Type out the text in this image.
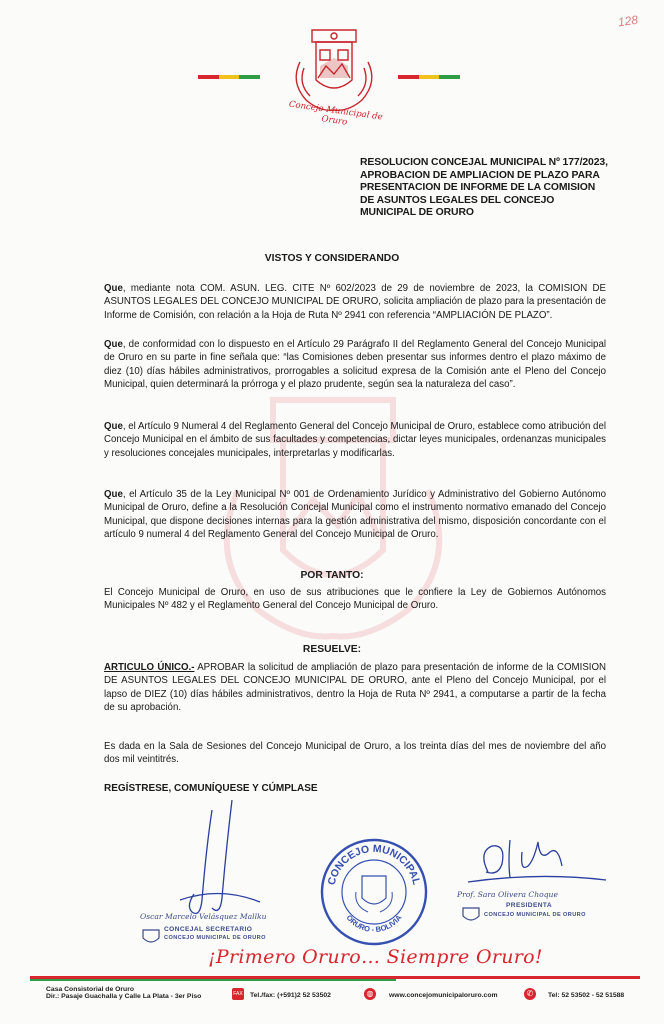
128
Concejo Municipal de Oruro
RESOLUCION CONCEJAL MUNICIPAL Nº 177/2023,
APROBACION DE AMPLIACION DE PLAZO PARA
PRESENTACION DE INFORME DE LA COMISION
DE ASUNTOS LEGALES DEL CONCEJO
MUNICIPAL DE ORURO
VISTOS Y CONSIDERANDO
Que, mediante nota COM. ASUN. LEG. CITE Nº 602/2023 de 29 de noviembre de 2023, la COMISION DE ASUNTOS LEGALES DEL CONCEJO MUNICIPAL DE ORURO, solicita ampliación de plazo para la presentación de Informe de Comisión, con relación a la Hoja de Ruta Nº 2941 con referencia “AMPLIACIÓN DE PLAZO”.
Que, de conformidad con lo dispuesto en el Artículo 29 Parágrafo II del Reglamento General del Concejo Municipal de Oruro en su parte in fine señala que: “las Comisiones deben presentar sus informes dentro el plazo máximo de diez (10) días hábiles administrativos, prorrogables a solicitud expresa de la Comisión ante el Pleno del Concejo Municipal, quien determinará la prórroga y el plazo prudente, según sea la naturaleza del caso”.
Que, el Artículo 9 Numeral 4 del Reglamento General del Concejo Municipal de Oruro, establece como atribución del Concejo Municipal en el ámbito de sus facultades y competencias, dictar leyes municipales, ordenanzas municipales y resoluciones concejales municipales, interpretarlas y modificarlas.
Que, el Artículo 35 de la Ley Municipal Nº 001 de Ordenamiento Jurídico y Administrativo del Gobierno Autónomo Municipal de Oruro, define a la Resolución Concejal Municipal como el instrumento normativo emanado del Concejo Municipal, que dispone decisiones internas para la gestión administrativa del mismo, disposición concordante con el artículo 9 numeral 4 del Reglamento General del Concejo Municipal de Oruro.
POR TANTO:
El Concejo Municipal de Oruro, en uso de sus atribuciones que le confiere la Ley de Gobiernos Autónomos Municipales Nº 482 y el Reglamento General del Concejo Municipal de Oruro.
RESUELVE:
ARTICULO ÚNICO.- APROBAR la solicitud de ampliación de plazo para presentación de informe de la COMISION DE ASUNTOS LEGALES DEL CONCEJO MUNICIPAL DE ORURO, ante el Pleno del Concejo Municipal, por el lapso de DIEZ (10) días hábiles administrativos, dentro la Hoja de Ruta Nº 2941, a computarse a partir de la fecha de su aprobación.
Es dada en la Sala de Sesiones del Concejo Municipal de Oruro, a los treinta días del mes de noviembre del año dos mil veintitrés.
REGÍSTRESE, COMUNÍQUESE Y CÚMPLASE
Oscar Marcelo Velásquez Mallku
CONCEJAL SECRETARIO
CONCEJO MUNICIPAL DE ORURO
CONCEJO MUNICIPAL
ORURO - BOLIVIA
Prof. Sara Olivera Choque
PRESIDENTA
CONCEJO MUNICIPAL DE ORURO
¡Primero Oruro… Siempre Oruro!
Casa Consistorial de Oruro
Dir.: Pasaje Guachalla y Calle La Plata - 3er Piso	FAX Tel./fax: (+591)2 52 53502	◍	www.concejomunicipaloruro.com	✆	Tel: 52 53502 - 52 51588
